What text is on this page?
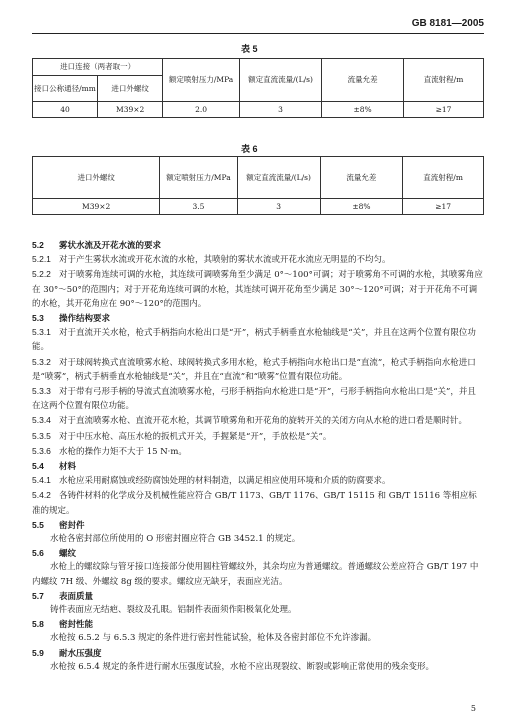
GB 8181—2005
表 5
进口连接（两者取一）		额定喷射压力/MPa	额定直流流量/(L/s)	流量允差	直流射程/m
接口公称通径/mm	进口外螺纹				
40	M39×2	2.0	3	±8%	≥17
表 6
进口外螺纹	额定喷射压力/MPa	额定直流流量/(L/s)	流量允差	直流射程/m
M39×2	3.5	3	±8%	≥17

5.2 雾状水流及开花水流的要求

5.2.1 对于产生雾状水流或开花水流的水枪，其喷射的雾状水流或开花水流应无明显的不均匀。

5.2.2 对于喷雾角连续可调的水枪，其连续可调喷雾角至少满足 0°～100°可调；对于喷雾角不可调的水枪，其喷雾角应在 30°～50°的范围内；对于开花角连续可调的水枪，其连续可调开花角至少满足 30°～120°可调；对于开花角不可调的水枪，其开花角应在 90°～120°的范围内。

5.3 操作结构要求

5.3.1 对于直流开关水枪，枪式手柄指向水枪出口是“开”，柄式手柄垂直水枪轴线是“关”，并且在这两个位置有限位功能。

5.3.2 对于球阀转换式直流喷雾水枪、球阀转换式多用水枪，枪式手柄指向水枪出口是“直流”，枪式手柄指向水枪进口是“喷雾”，柄式手柄垂直水枪轴线是“关”，并且在“直流”和“喷雾”位置有限位功能。

5.3.3 对于带有弓形手柄的导流式直流喷雾水枪，弓形手柄指向水枪进口是“开”，弓形手柄指向水枪出口是“关”，并且在这两个位置有限位功能。

5.3.4 对于直流喷雾水枪、直流开花水枪，其调节喷雾角和开花角的旋转开关的关闭方向从水枪的进口看是顺时针。

5.3.5 对于中压水枪、高压水枪的扳机式开关，手握紧是“开”，手放松是“关”。

5.3.6 水枪的操作力矩不大于 15 N·m。

5.4 材料

5.4.1 水枪应采用耐腐蚀或经防腐蚀处理的材料制造，以满足相应使用环境和介质的防腐要求。

5.4.2 各铸件材料的化学成分及机械性能应符合 GB/T 1173、GB/T 1176、GB/T 15115 和 GB/T 15116 等相应标准的规定。

5.5 密封件

水枪各密封部位所使用的 O 形密封圈应符合 GB 3452.1 的规定。

5.6 螺纹

水枪上的螺纹除与管牙接口连接部分使用圆柱管螺纹外，其余均应为普通螺纹。普通螺纹公差应符合 GB/T 197 中内螺纹 7H 级、外螺纹 8g 级的要求。螺纹应无缺牙，表面应光洁。

5.7 表面质量

铸件表面应无结疤、裂纹及孔眼。铝制件表面须作阳极氧化处理。

5.8 密封性能

水枪按 6.5.2 与 6.5.3 规定的条件进行密封性能试验，枪体及各密封部位不允许渗漏。

5.9 耐水压强度

水枪按 6.5.4 规定的条件进行耐水压强度试验，水枪不应出现裂纹、断裂或影响正常使用的残余变形。

5
